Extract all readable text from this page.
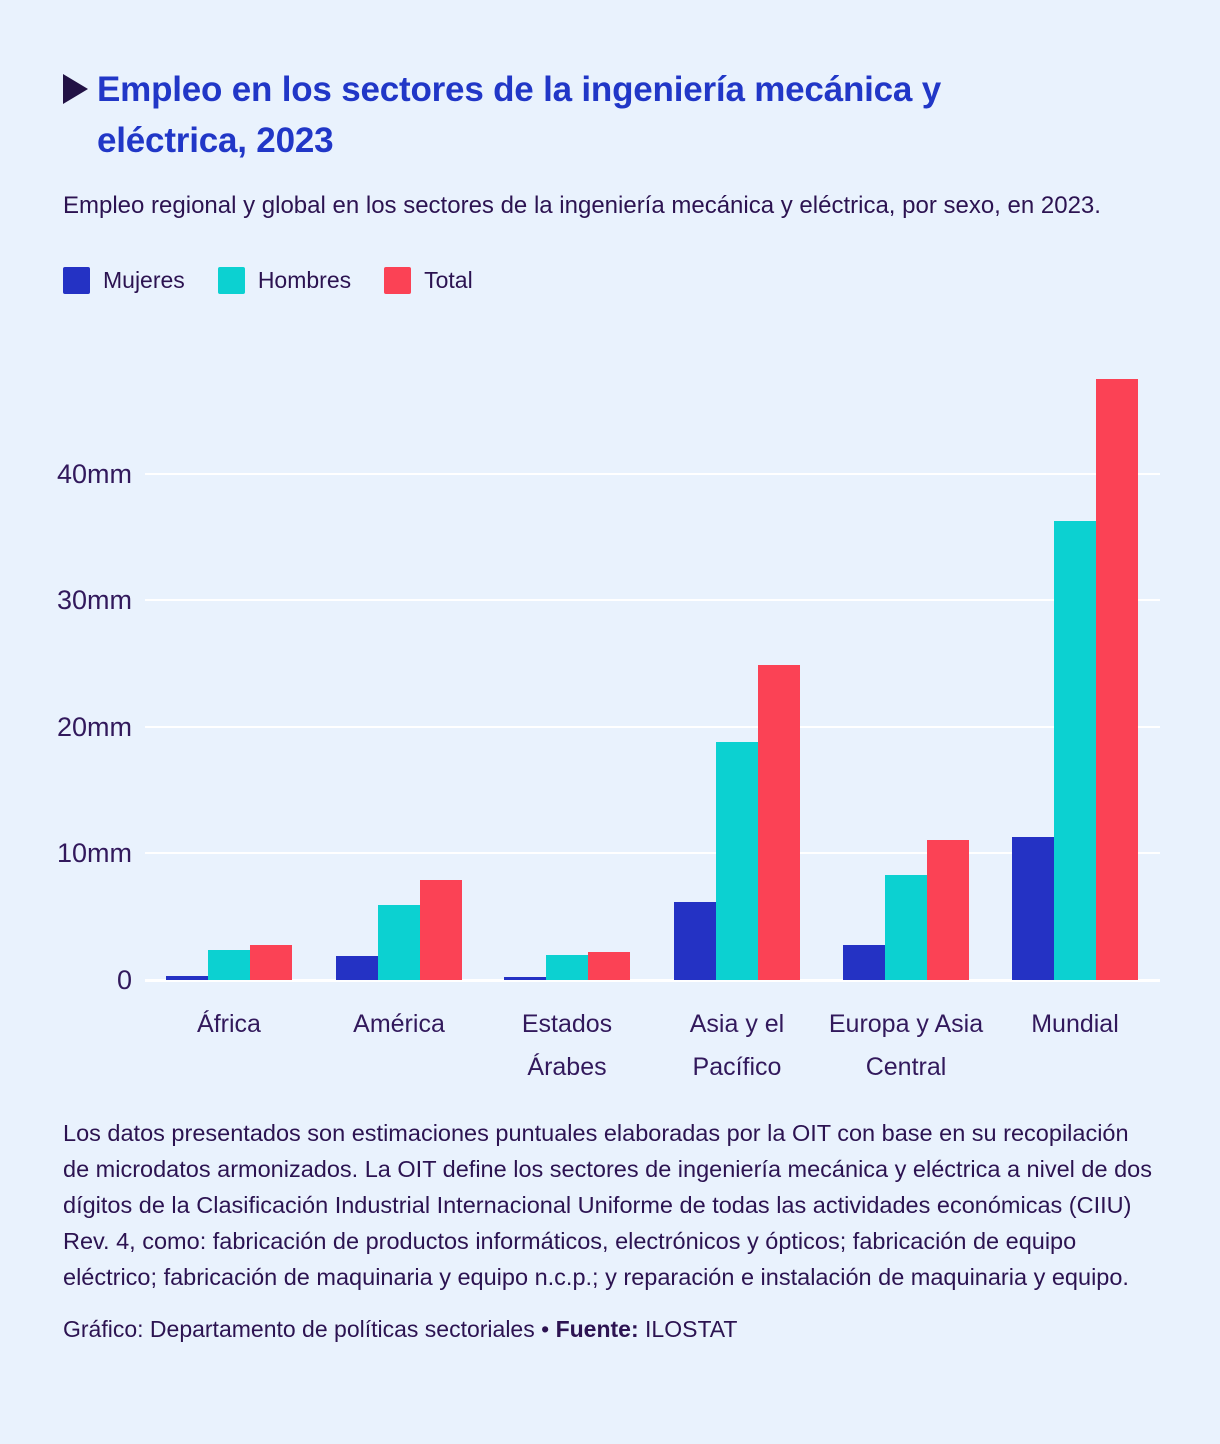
Empleo en los sectores de la ingeniería mecánica y eléctrica, 2023

Empleo regional y global en los sectores de la ingeniería mecánica y eléctrica, por sexo, en 2023.

Mujeres	Hombres	Total
0
10mm
20mm
30mm
40mm
África	América	Estados
Árabes
Asia y el
Pacífico
Europa y Asia
Central
Mundial

Los datos presentados son estimaciones puntuales elaboradas por la OIT con base en su recopilación de microdatos armonizados. La OIT define los sectores de ingeniería mecánica y eléctrica a nivel de dos dígitos de la Clasificación Industrial Internacional Uniforme de todas las actividades económicas (CIIU) Rev. 4, como: fabricación de productos informáticos, electrónicos y ópticos; fabricación de equipo eléctrico; fabricación de maquinaria y equipo n.c.p.; y reparación e instalación de maquinaria y equipo.

Gráfico: Departamento de políticas sectoriales • Fuente: ILOSTAT
